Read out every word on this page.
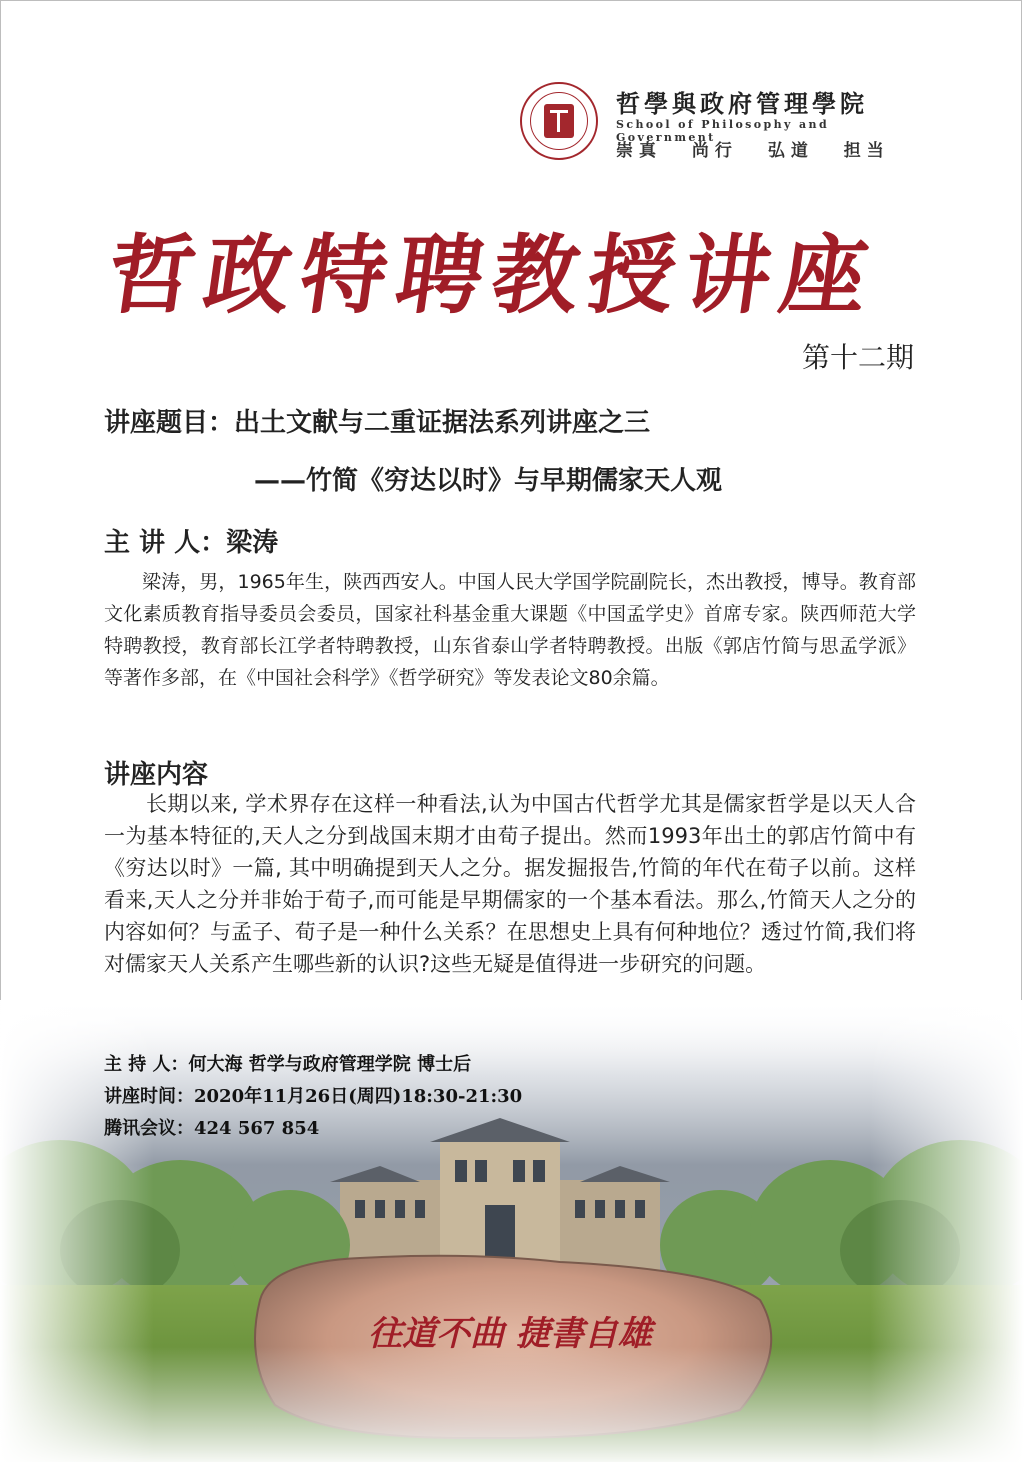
哲學與政府管理學院
School of Philosophy and Government
崇真 尚行 弘道 担当
哲政特聘教授讲座
第十二期
讲座题目：出土文献与二重证据法系列讲座之三
——竹简《穷达以时》与早期儒家天人观
主 讲 人：梁涛
梁涛，男，1965年生，陕西西安人。中国人民大学国学院副院长，杰出教授，博导。教育部文化素质教育指导委员会委员，国家社科基金重大课题《中国孟学史》首席专家。陕西师范大学特聘教授，教育部长江学者特聘教授，山东省泰山学者特聘教授。出版《郭店竹简与思孟学派》等著作多部，在《中国社会科学》《哲学研究》等发表论文80余篇。
讲座内容
长期以来, 学术界存在这样一种看法,认为中国古代哲学尤其是儒家哲学是以天人合一为基本特征的,天人之分到战国末期才由荀子提出。然而1993年出土的郭店竹简中有《穷达以时》一篇, 其中明确提到天人之分。据发掘报告,竹简的年代在荀子以前。这样看来,天人之分并非始于荀子,而可能是早期儒家的一个基本看法。那么,竹简天人之分的内容如何？与孟子、荀子是一种什么关系？在思想史上具有何种地位？透过竹简,我们将对儒家天人关系产生哪些新的认识?这些无疑是值得进一步研究的问题。
主 持 人：何大海 哲学与政府管理学院 博士后
讲座时间：2020年11月26日(周四)18:30-21:30
腾讯会议：424 567 854
